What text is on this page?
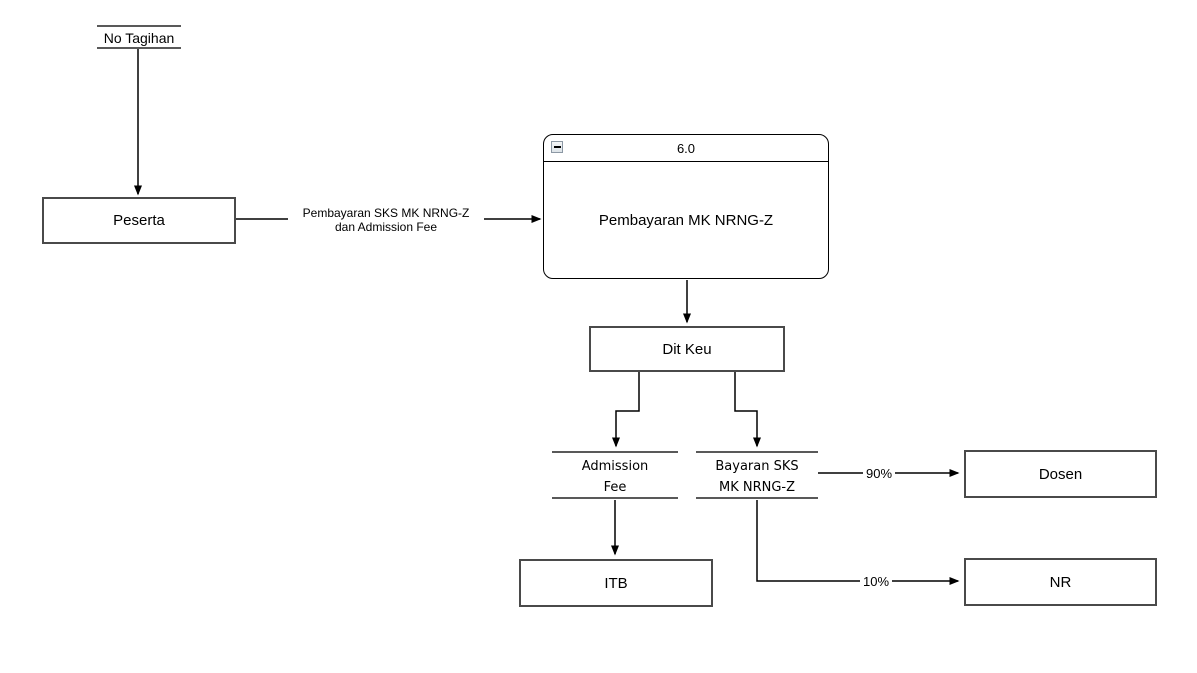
No Tagihan
Peserta	Pembayaran SKS MK NRNG-Z
dan Admission Fee
6.0
Pembayaran MK NRNG-Z
Dit Keu
Admission
Fee
Bayaran SKS
MK NRNG-Z
90%	Dosen
ITB	10%	NR
